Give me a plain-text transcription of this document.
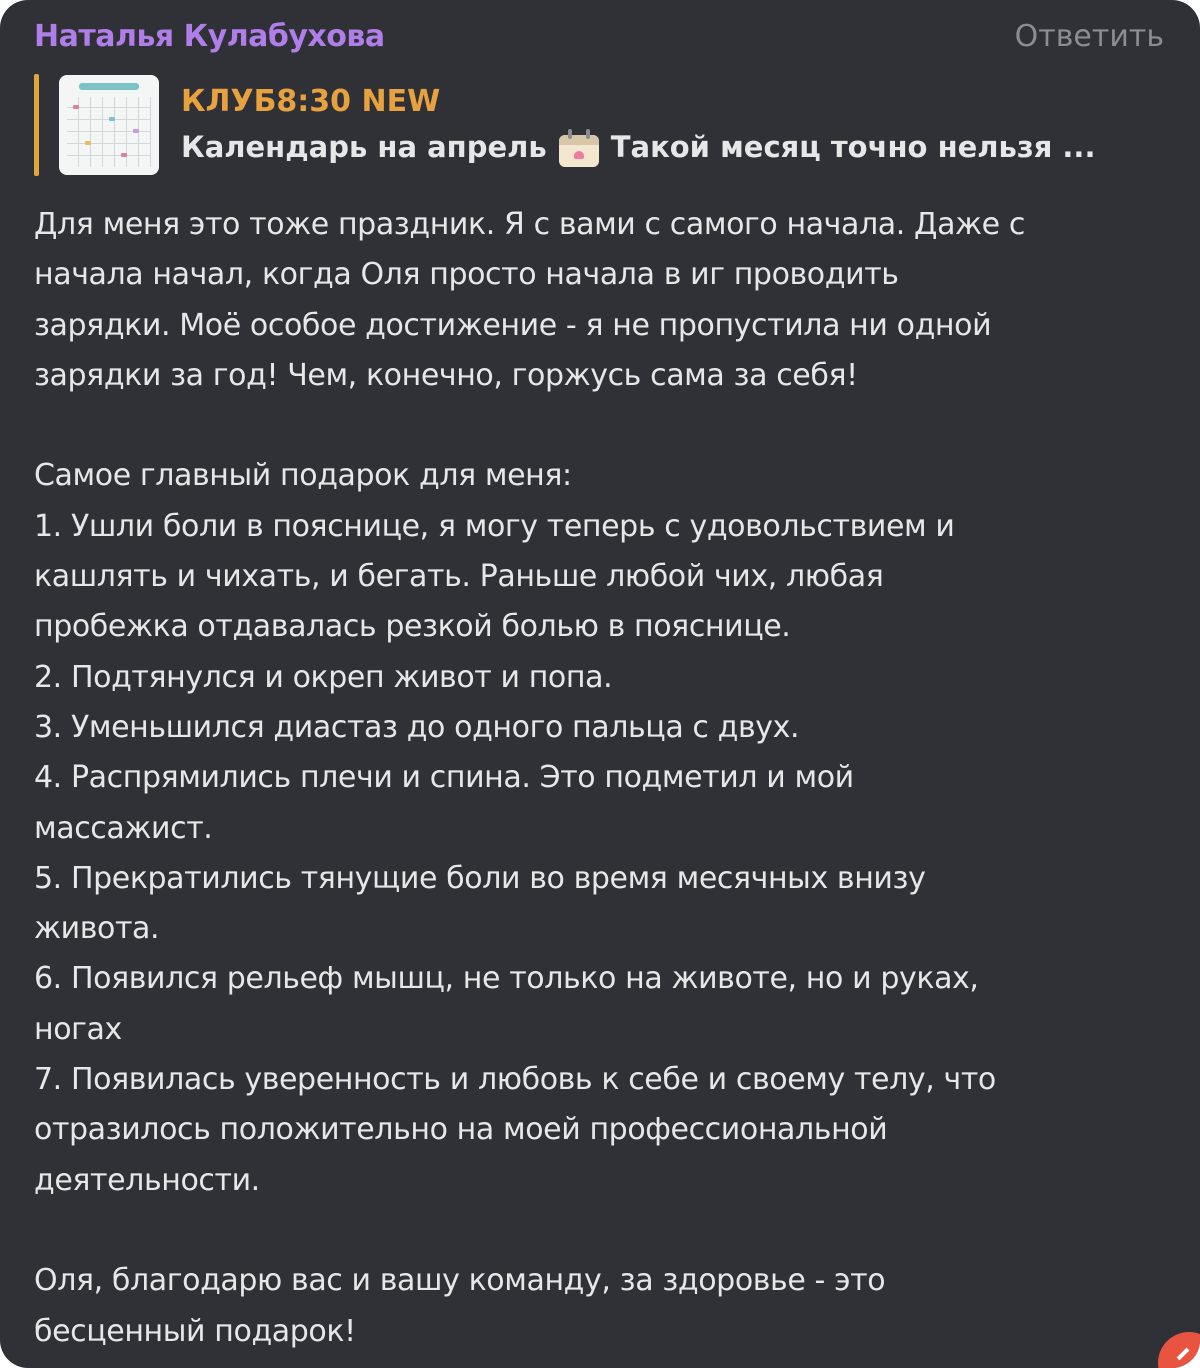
Наталья Кулабухова	Ответить
КЛУБ8:30 NEW
Календарь на апрель Такой месяц точно нельзя ...

Для меня это тоже праздник. Я с вами с самого начала. Даже с

начала начал, когда Оля просто начала в иг проводить

зарядки. Моё особое достижение - я не пропустила ни одной

зарядки за год! Чем, конечно, горжусь сама за себя!

Самое главный подарок для меня:

1. Ушли боли в пояснице, я могу теперь с удовольствием и

кашлять и чихать, и бегать. Раньше любой чих, любая

пробежка отдавалась резкой болью в пояснице.

2. Подтянулся и окреп живот и попа.

3. Уменьшился диастаз до одного пальца с двух.

4. Распрямились плечи и спина. Это подметил и мой

массажист.

5. Прекратились тянущие боли во время месячных внизу

живота.

6. Появился рельеф мышц, не только на животе, но и руках,

ногах

7. Появилась уверенность и любовь к себе и своему телу, что

отразилось положительно на моей профессиональной

деятельности.

Оля, благодарю вас и вашу команду, за здоровье - это

бесценный подарок!
